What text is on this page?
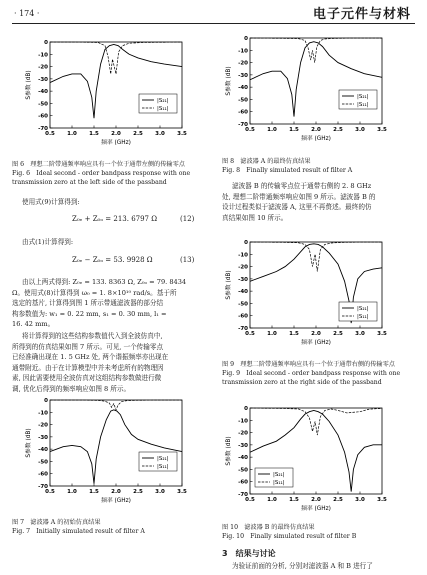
· 174 ·	电子元件与材料
0.5 1.0 1.5 2.0 2.5 3.0 3.5
0
-10
-20
-30
-40
-50
-60
-70
频率 (GHz)
S参数 (dB)
|S₂₁|
|S₁₁|
0.5 1.0 1.5 2.0 2.5 3.0 3.5
0
-10
-20
-30
-40
-50
-60
-70
频率 (GHz)
S参数 (dB)
|S₂₁|
|S₁₁|
0.5 1.0 1.5 2.0 2.5 3.0 3.5
0
-10
-20
-30
-40
-50
-60
-70
频率 (GHz)
S参数 (dB)
|S₂₁|
|S₁₁|
0.5 1.0 1.5 2.0 2.5 3.0 3.5
0
-10
-20
-30
-40
-50
-60
-70
频率 (GHz)
S参数 (dB)
|S₂₁|
|S₁₁|
0.5 1.0 1.5 2.0 2.5 3.0 3.5
0
-10
-20
-30
-40
-50
-60
-70
频率 (GHz)
S参数 (dB)
|S₂₁|
|S₁₁|
图 6　理想二阶带通频率响应具有一个位于通带左侧的传输零点
Fig. 6　Ideal second - order bandpass response with one
transmission zero at the left side of the passband
使用式(9)计算得到:
Z₀ₑ + Z₀ₒ = 213. 6797 Ω	(12)
由式(1)计算得到:
Z₀ₑ − Z₀ₒ = 53. 9928 Ω	(13)
由以上两式得到: Z₀ₑ = 133. 8363 Ω, Z₀ₒ = 79. 8434
Ω。使用式(8)计算得到 ω₀ = 1. 8×10¹⁰ rad/s。基于所
选定的基片, 计算得到图 1 所示带通滤波器的部分结
构参数值为: w₁ = 0. 22 mm, s₁ = 0. 30 mm, l₁ =
16. 42 mm。
将计算得到的这些结构参数值代入到全波仿真中,
所得到的仿真结果如图 7 所示。可见, 一个传输零点
已经准确出现在 1. 5 GHz 处, 两个谐振频率亦出现在
通带附近。由于在计算模型中并未考虑所有的物理因
素, 因此需要使用全波仿真对这组结构参数做进行微
调, 优化后得到的频率响应如图 8 所示。
图 7　滤波器 A 的初始仿真结果
Fig. 7　Initially simulated result of filter A
图 8　滤波器 A 的最终仿真结果
Fig. 8　Finally simulated result of filter A
滤波器 B 的传输零点位于通带右侧的 2. 8 GHz
处, 理想二阶带通频率响应如图 9 所示。滤波器 B 的
设计过程类似于滤波器 A, 这里不再赘述。最终的仿
真结果如图 10 所示。
图 9　理想二阶带通频率响应具有一个位于通带右侧的传输零点
Fig. 9　Ideal second - order bandpass response with one
transmission zero at the right side of the passband
图 10　滤波器 B 的最终仿真结果
Fig. 10　Finally simulated result of filter B
3　结果与讨论
为验证前面的分析, 分别对滤波器 A 和 B 进行了
